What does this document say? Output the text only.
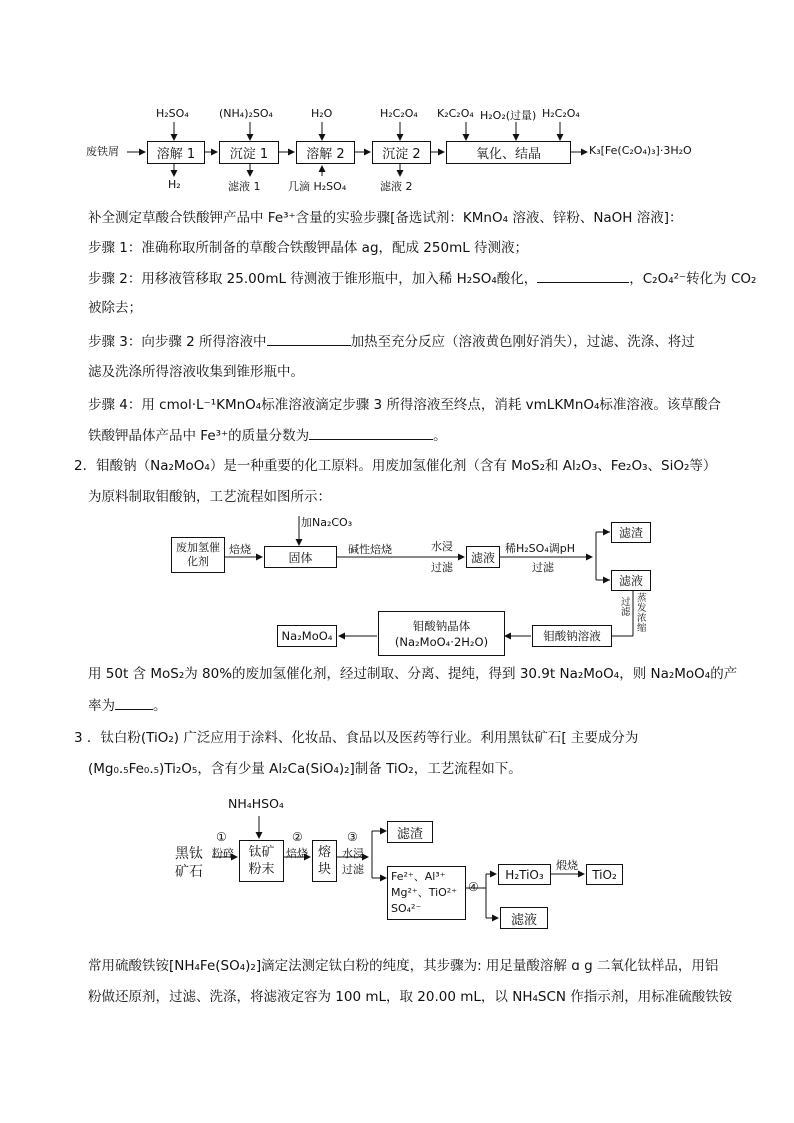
废铁屑	溶解 1	沉淀 1	溶解 2	沉淀 2	氧化、结晶
H₂SO₄	(NH₄)₂SO₄	H₂O	H₂C₂O₄ K₂C₂O₄ H₂O₂(过量) H₂C₂O₄
H₂	滤液 1	几滴 H₂SO₄	滤液 2
K₃[Fe(C₂O₄)₃]·3H₂O
补全测定草酸合铁酸钾产品中 Fe³⁺含量的实验步骤[备选试剂：KMnO₄ 溶液、锌粉、NaOH 溶液]：
步骤 1：准确称取所制备的草酸合铁酸钾晶体 ag，配成 250mL 待测液；
步骤 2：用移液管移取 25.00mL 待测液于锥形瓶中，加入稀 H₂SO₄酸化，	，C₂O₄²⁻转化为 CO₂
被除去；
步骤 3：向步骤 2 所得溶液中	加热至充分反应（溶液黄色刚好消失），过滤、洗涤、将过
滤及洗涤所得溶液收集到锥形瓶中。
步骤 4：用 cmol·L⁻¹KMnO₄标准溶液滴定步骤 3 所得溶液至终点，消耗 vmLKMnO₄标准溶液。该草酸合
铁酸钾晶体产品中 Fe³⁺的质量分数为	。
2．钼酸钠（Na₂MoO₄）是一种重要的化工原料。用废加氢催化剂（含有 MoS₂和 Al₂O₃、Fe₂O₃、SiO₂等）
为原料制取钼酸钠，工艺流程如图所示：
废加氢催化剂
焙烧
固体
加Na₂CO₃
碱性焙烧	水浸
过滤
滤液
稀H₂SO₄调pH
过滤
滤渣
滤液
蒸发浓缩
过滤
钼酸钠溶液
钼酸钠晶体
(Na₂MoO₄·2H₂O)
Na₂MoO₄
用 50t 含 MoS₂为 80%的废加氢催化剂，经过制取、分离、提纯，得到 30.9t Na₂MoO₄，则 Na₂MoO₄的产
率为	。
3 ．钛白粉(TiO₂) 广泛应用于涂料、化妆品、食品以及医药等行业。利用黑钛矿石[ 主要成分为
(Mg₀.₅Fe₀.₅)Ti₂O₅，含有少量 Al₂Ca(SiO₄)₂]制备 TiO₂，工艺流程如下。
NH₄HSO₄
黑钛
矿石
①
粉碎 钛矿
粉末
②
焙烧 熔
块
③
水浸
过滤
滤渣
Fe²⁺、Al³⁺
Mg²⁺、TiO²⁺
SO₄²⁻
④
H₂TiO₃
煅烧
TiO₂
滤液
常用硫酸铁铵[NH₄Fe(SO₄)₂]滴定法测定钛白粉的纯度，其步骤为: 用足量酸溶解 ɑ g 二氧化钛样品，用铝
粉做还原剂，过滤、洗涤，将滤液定容为 100 mL，取 20.00 mL，以 NH₄SCN 作指示剂，用标准硫酸铁铵
